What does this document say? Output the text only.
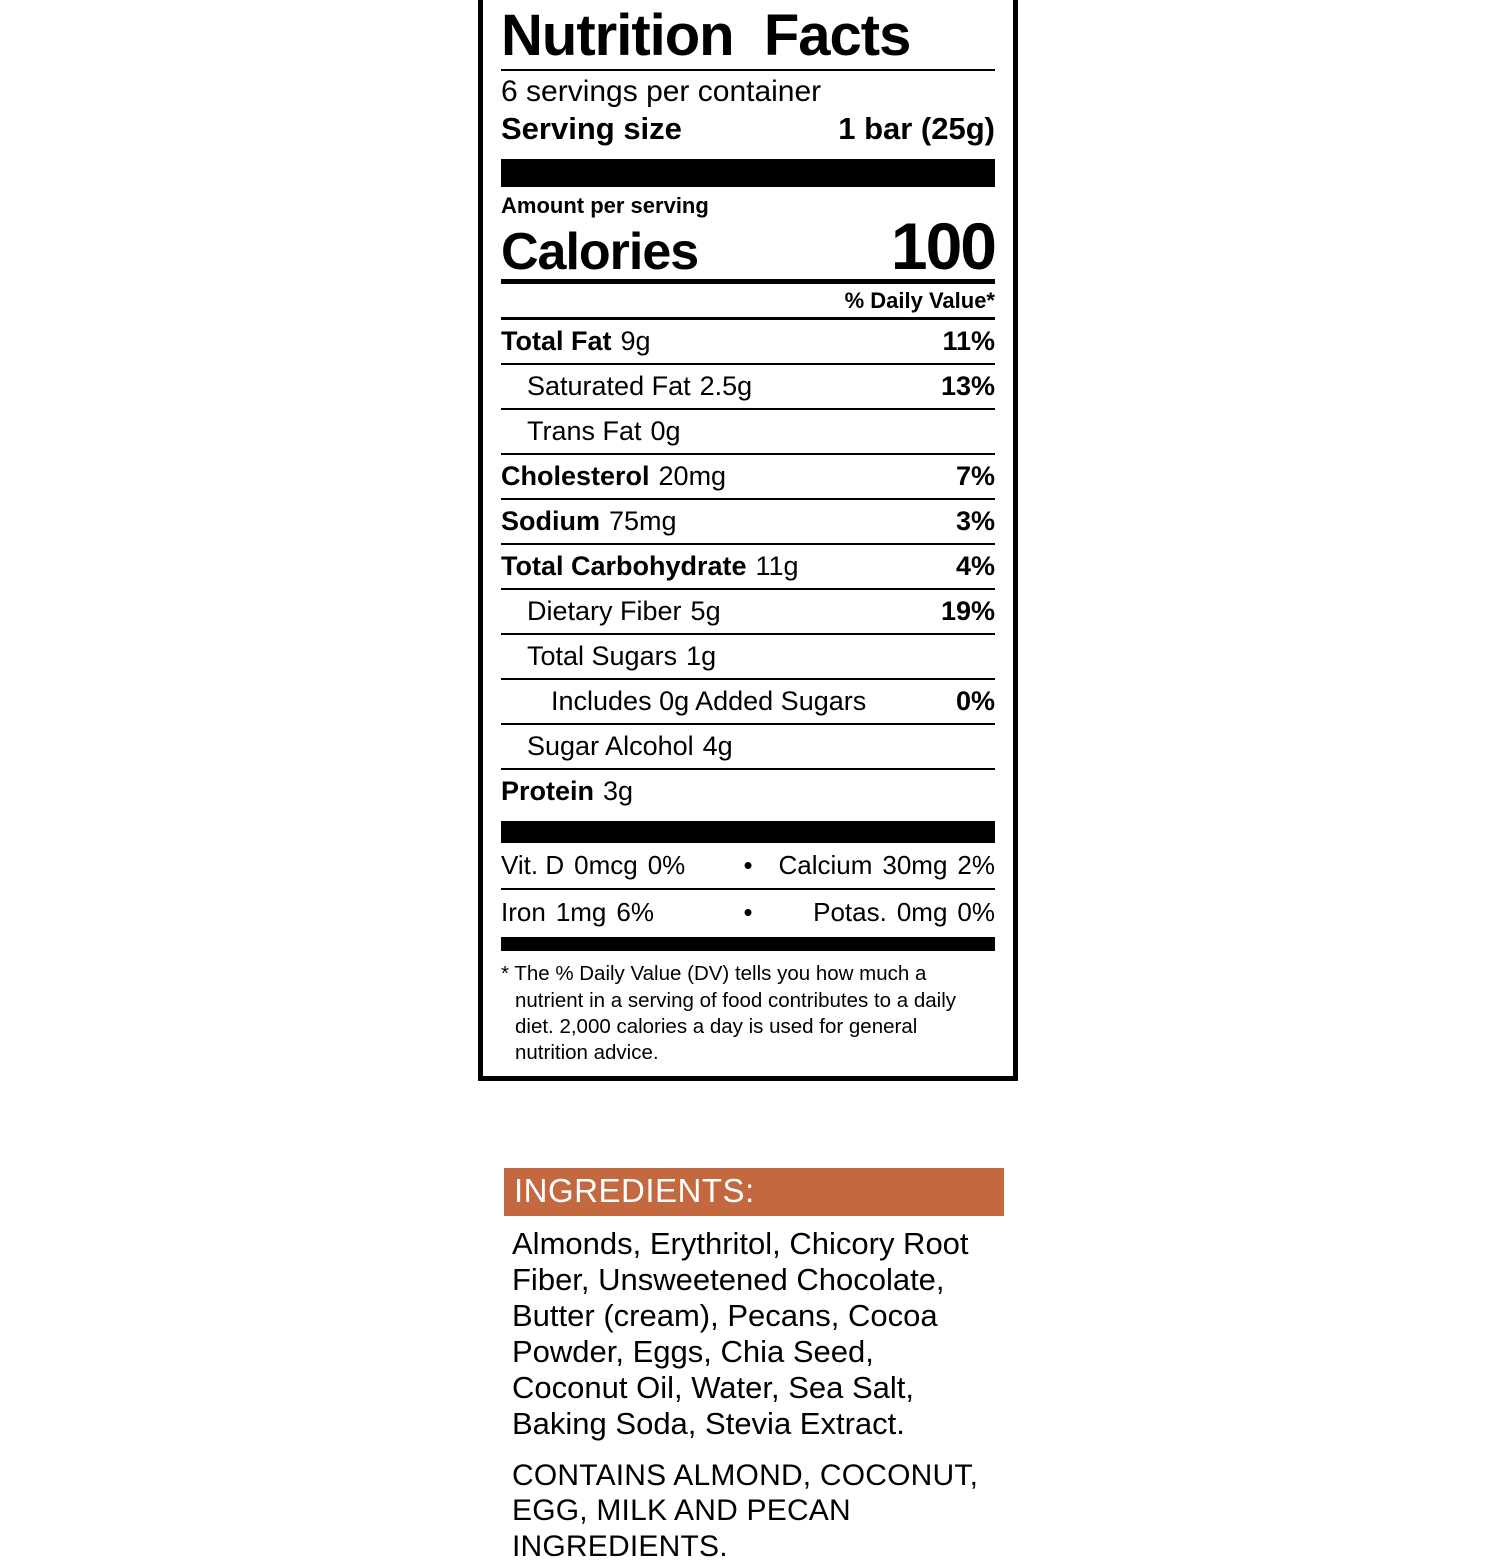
Nutrition  Facts
6 servings per container
Serving size	1 bar (25g)
Amount per serving
Calories	100
% Daily Value*
Total Fat 9g	11%
Saturated Fat 2.5g	13%
Trans Fat 0g
Cholesterol 20mg	7%
Sodium 75mg	3%
Total Carbohydrate 11g	4%
Dietary Fiber 5g	19%
Total Sugars 1g
Includes 0g Added Sugars	0%
Sugar Alcohol 4g
Protein 3g
Vit. D 0mcg 0%	• Calcium 30mg 2%
Iron 1mg 6%	•	Potas. 0mg 0%
* The % Daily Value (DV) tells you how much a nutrient in a serving of food contributes to a daily diet. 2,000 calories a day is used for general nutrition advice.
INGREDIENTS:
Almonds, Erythritol, Chicory Root Fiber, Unsweetened Chocolate, Butter (cream), Pecans, Cocoa Powder, Eggs, Chia Seed, Coconut Oil, Water, Sea Salt, Baking Soda, Stevia Extract.
CONTAINS ALMOND, COCONUT, EGG, MILK AND PECAN INGREDIENTS.
